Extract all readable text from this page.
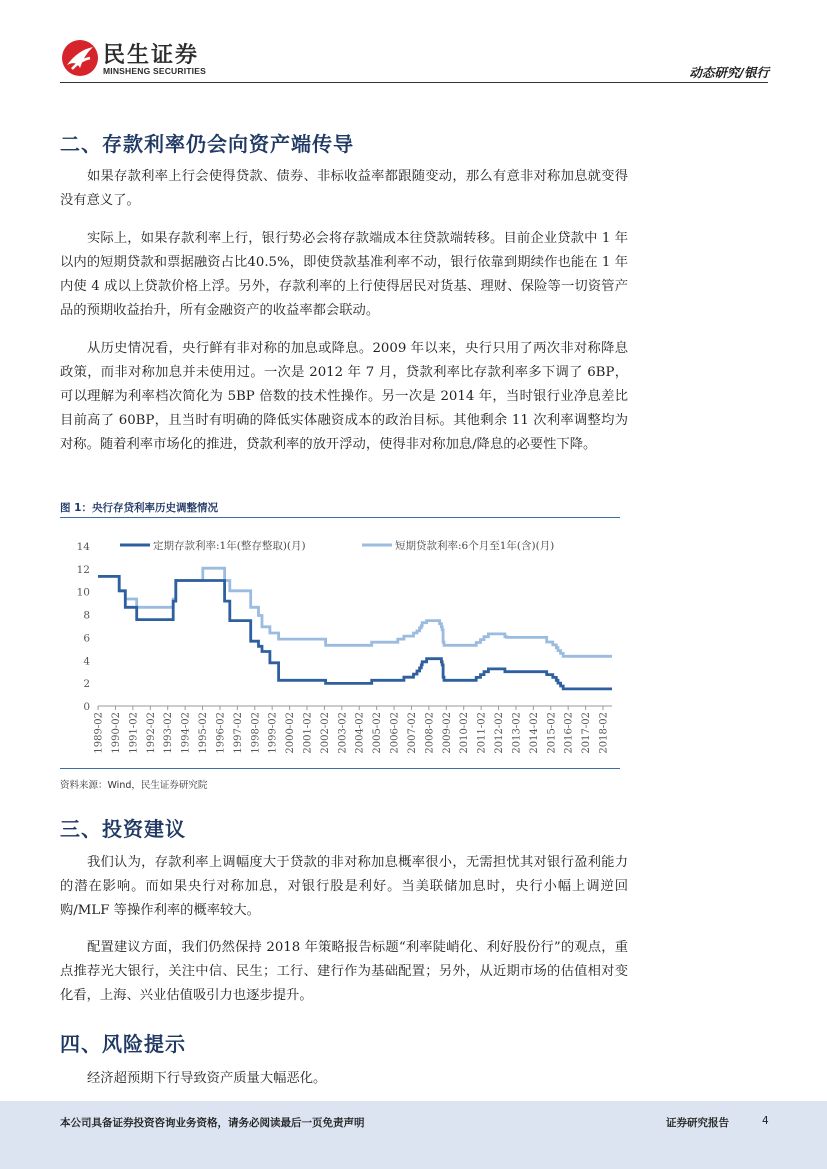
民生证券
MINSHENG SECURITIES	动态研究/银行
二、存款利率仍会向资产端传导

如果存款利率上行会使得贷款、债券、非标收益率都跟随变动，那么有意非对称加息就变得没有意义了。

实际上，如果存款利率上行，银行势必会将存款端成本往贷款端转移。目前企业贷款中 1 年以内的短期贷款和票据融资占比40.5%，即使贷款基准利率不动，银行依靠到期续作也能在 1 年内使 4 成以上贷款价格上浮。另外，存款利率的上行使得居民对货基、理财、保险等一切资管产品的预期收益抬升，所有金融资产的收益率都会联动。

从历史情况看，央行鲜有非对称的加息或降息。2009 年以来，央行只用了两次非对称降息政策，而非对称加息并未使用过。一次是 2012 年 7 月，贷款利率比存款利率多下调了 6BP，可以理解为利率档次简化为 5BP 倍数的技术性操作。另一次是 2014 年，当时银行业净息差比目前高了 60BP，且当时有明确的降低实体融资成本的政治目标。其他剩余 11 次利率调整均为对称。随着利率市场化的推进，贷款利率的放开浮动，使得非对称加息/降息的必要性下降。

图 1：央行存贷利率历史调整情况
0
2
4
6
8
10
12
14
1989-02 1990-02 1991-02 1992-02 1993-02 1994-02 1995-02 1996-02 1997-02 1998-02 1999-02 2000-02 2001-02 2002-02 2003-02 2004-02 2005-02 2006-02 2007-02 2008-02 2009-02 2010-02 2011-02 2012-02 2013-02 2014-02 2015-02 2016-02 2017-02 2018-02
定期存款利率:1年(整存整取)(月)	短期贷款利率:6个月至1年(含)(月)
资料来源：Wind，民生证券研究院
三、投资建议

我们认为，存款利率上调幅度大于贷款的非对称加息概率很小，无需担忧其对银行盈利能力的潜在影响。而如果央行对称加息，对银行股是利好。当美联储加息时，央行小幅上调逆回购/MLF 等操作利率的概率较大。

配置建议方面，我们仍然保持 2018 年策略报告标题“利率陡峭化、利好股份行”的观点，重点推荐光大银行，关注中信、民生；工行、建行作为基础配置；另外，从近期市场的估值相对变化看，上海、兴业估值吸引力也逐步提升。

四、风险提示

经济超预期下行导致资产质量大幅恶化。

本公司具备证券投资咨询业务资格，请务必阅读最后一页免责声明	证券研究报告	4
